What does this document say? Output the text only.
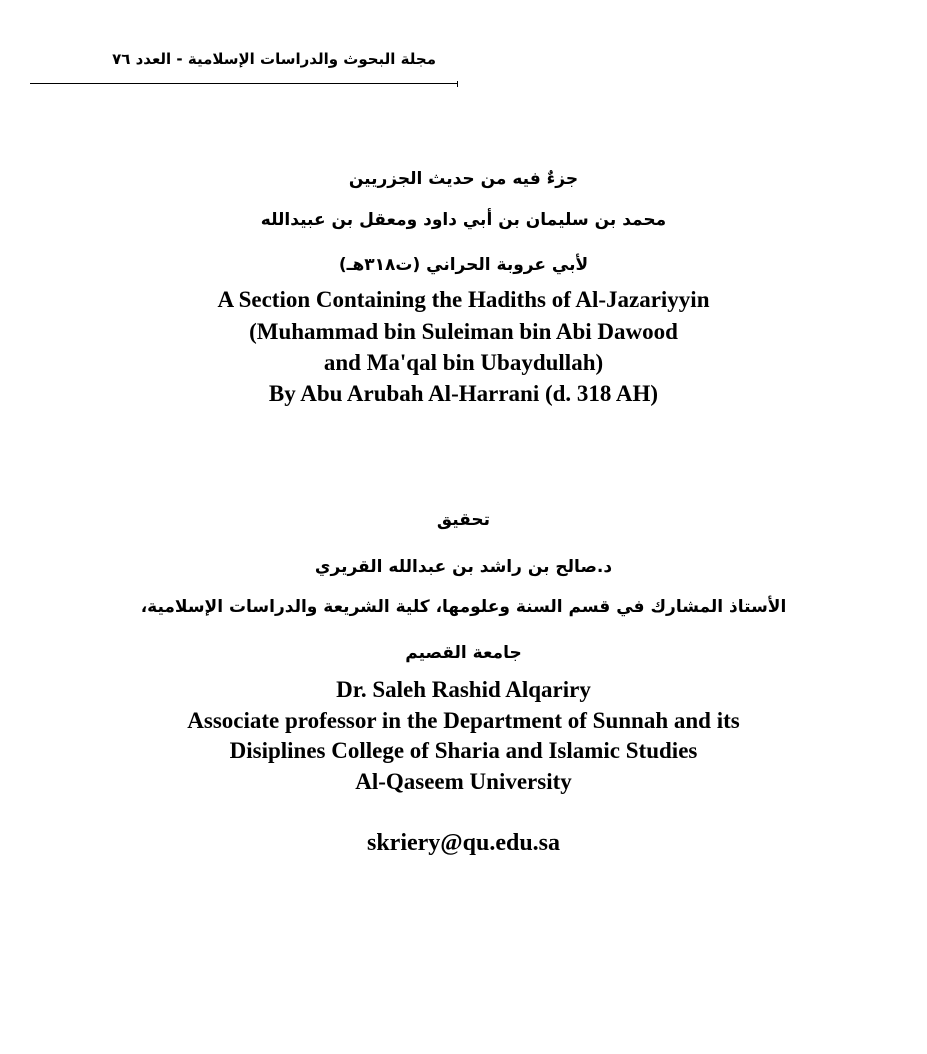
مجلة البحوث والدراسات الإسلامية - العدد ٧٦
جزءٌ فيه من حديث الجزريين
محمد بن سليمان بن أبي داود ومعقل بن عبيدالله
لأبي عروبة الحراني (ت٣١٨هـ)
A Section Containing the Hadiths of Al-Jazariyyin
(Muhammad bin Suleiman bin Abi Dawood
and Ma'qal bin Ubaydullah)
By Abu Arubah Al-Harrani (d. 318 AH)
تحقيق
د.صالح بن راشد بن عبدالله القريري
الأستاذ المشارك في قسم السنة وعلومها، كلية الشريعة والدراسات الإسلامية،
جامعة القصيم
Dr. Saleh Rashid Alqariry
Associate professor in the Department of Sunnah and its
Disiplines College of Sharia and Islamic Studies
Al-Qaseem University
skriery@qu.edu.sa
